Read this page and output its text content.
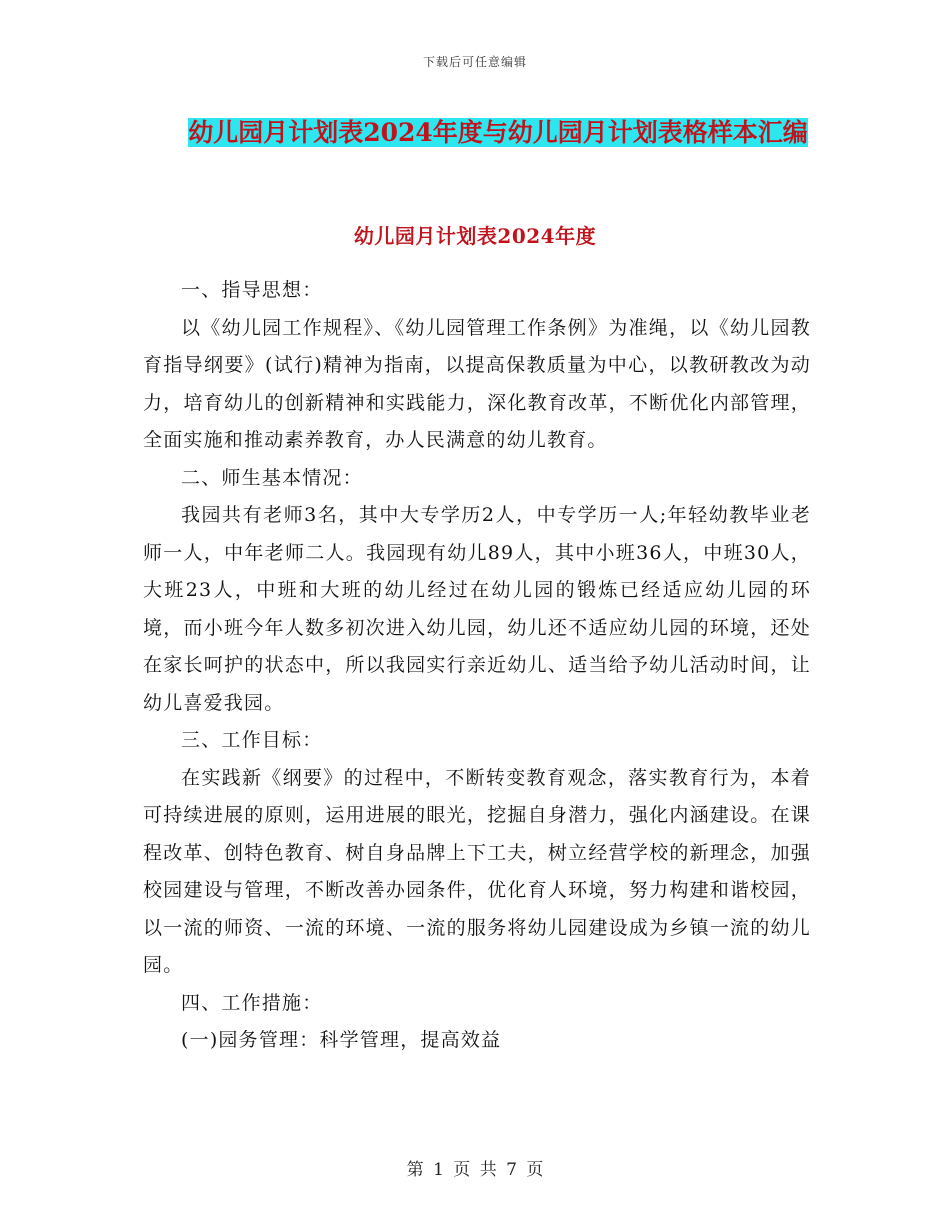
下载后可任意编辑
幼儿园月计划表2024年度与幼儿园月计划表格样本汇编
幼儿园月计划表2024年度

一、指导思想：

以《幼儿园工作规程》、《幼儿园管理工作条例》为准绳，以《幼儿园教育指导纲要》(试行)精神为指南，以提高保教质量为中心，以教研教改为动力，培育幼儿的创新精神和实践能力，深化教育改革，不断优化内部管理，全面实施和推动素养教育，办人民满意的幼儿教育。

二、师生基本情况：

我园共有老师3名，其中大专学历2人，中专学历一人;年轻幼教毕业老师一人，中年老师二人。我园现有幼儿89人，其中小班36人，中班30人，大班23人，中班和大班的幼儿经过在幼儿园的锻炼已经适应幼儿园的环境，而小班今年人数多初次进入幼儿园，幼儿还不适应幼儿园的环境，还处在家长呵护的状态中，所以我园实行亲近幼儿、适当给予幼儿活动时间，让幼儿喜爱我园。

三、工作目标：

在实践新《纲要》的过程中，不断转变教育观念，落实教育行为，本着可持续进展的原则，运用进展的眼光，挖掘自身潜力，强化内涵建设。在课程改革、创特色教育、树自身品牌上下工夫，树立经营学校的新理念，加强校园建设与管理，不断改善办园条件，优化育人环境，努力构建和谐校园，以一流的师资、一流的环境、一流的服务将幼儿园建设成为乡镇一流的幼儿园。

四、工作措施：

(一)园务管理：科学管理，提高效益

第 1 页 共 7 页
